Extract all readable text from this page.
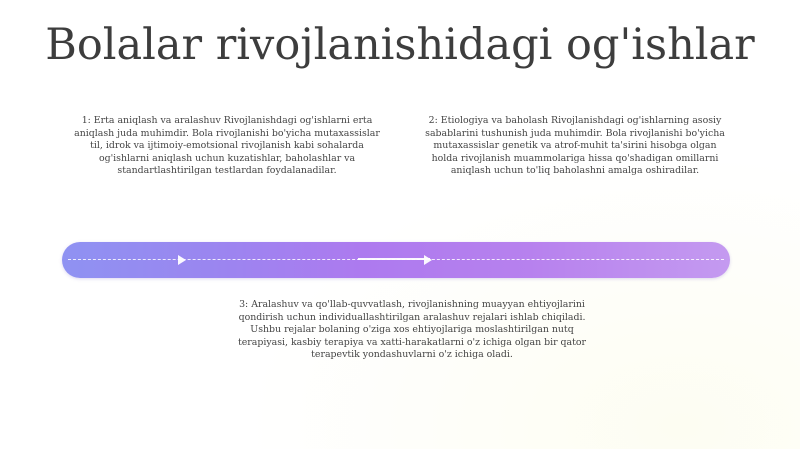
Bolalar rivojlanishidagi og'ishlar
1: Erta aniqlash va aralashuv Rivojlanishdagi og'ishlarni erta aniqlash juda muhimdir. Bola rivojlanishi bo'yicha mutaxassislar til, idrok va ijtimoiy-emotsional rivojlanish kabi sohalarda og'ishlarni aniqlash uchun kuzatishlar, baholashlar va standartlashtirilgan testlardan foydalanadilar.
2: Etiologiya va baholash Rivojlanishdagi og'ishlarning asosiy sabablarini tushunish juda muhimdir. Bola rivojlanishi bo'yicha mutaxassislar genetik va atrof-muhit ta'sirini hisobga olgan holda rivojlanish muammolariga hissa qo'shadigan omillarni aniqlash uchun to'liq baholashni amalga oshiradilar.
3: Aralashuv va qo'llab-quvvatlash, rivojlanishning muayyan ehtiyojlarini qondirish uchun individuallashtirilgan aralashuv rejalari ishlab chiqiladi. Ushbu rejalar bolaning o'ziga xos ehtiyojlariga moslashtirilgan nutq terapiyasi, kasbiy terapiya va xatti-harakatlarni o'z ichiga olgan bir qator terapevtik yondashuvlarni o'z ichiga oladi.
